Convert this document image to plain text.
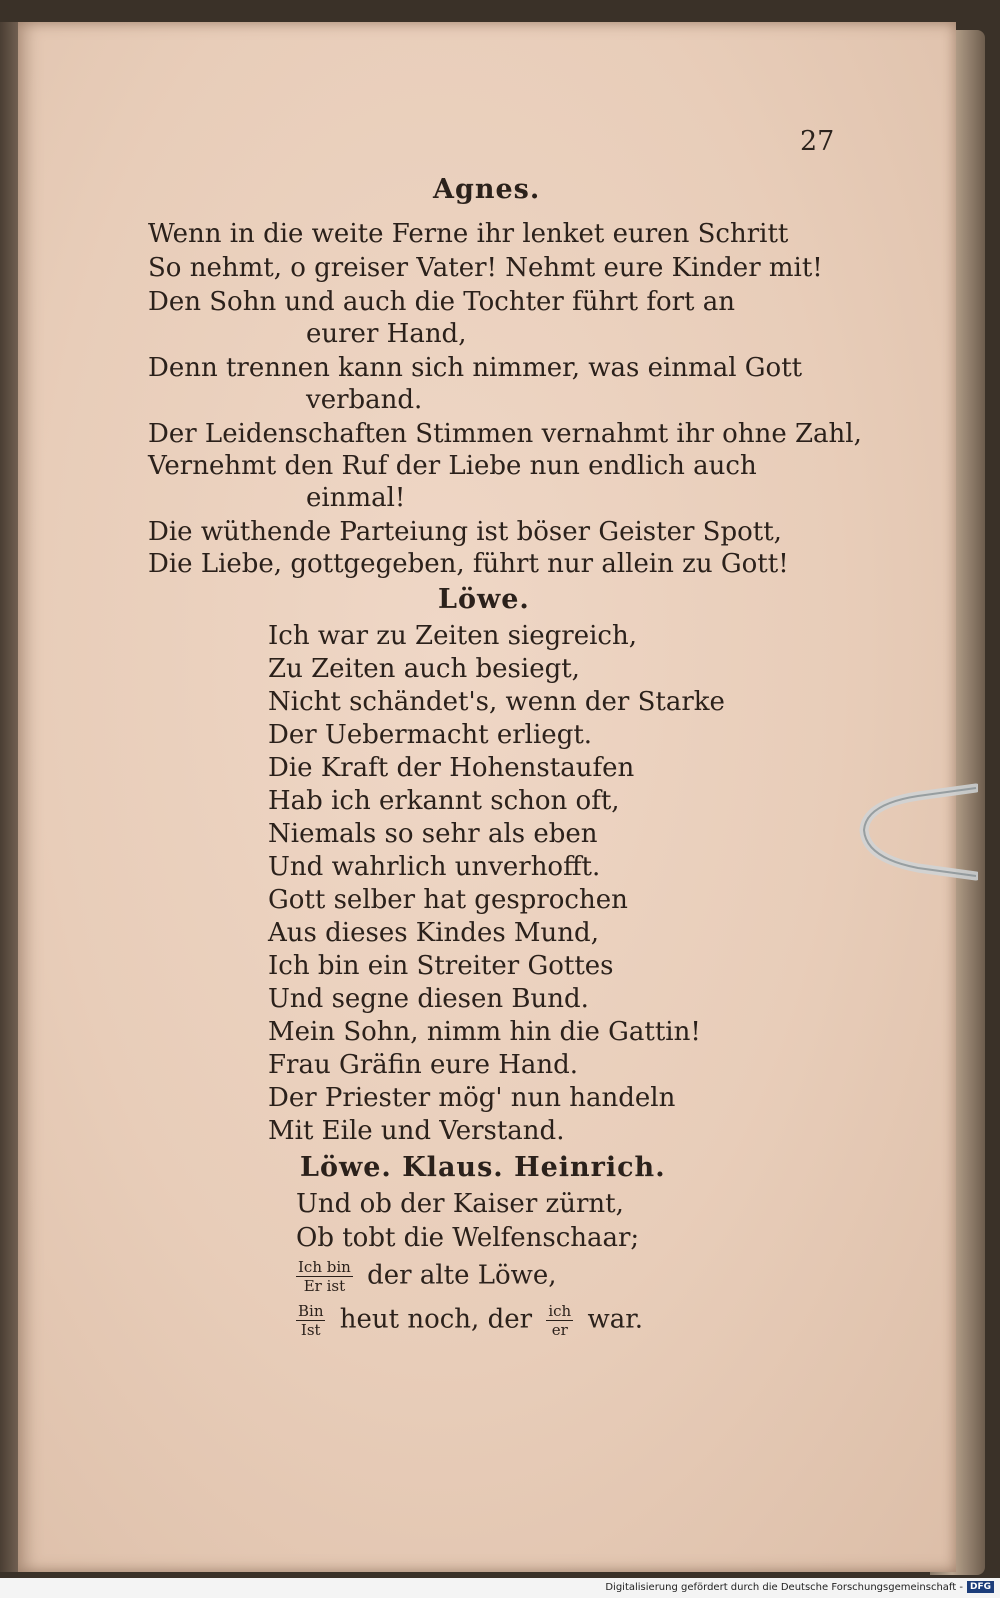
27
Agnes.
Wenn in die weite Ferne ihr lenket euren Schritt
So nehmt, o greiser Vater! Nehmt eure Kinder mit!
Den Sohn und auch die Tochter führt fort an
eurer Hand,
Denn trennen kann sich nimmer, was einmal Gott
verband.
Der Leidenschaften Stimmen vernahmt ihr ohne Zahl,
Vernehmt den Ruf der Liebe nun endlich auch
einmal!
Die wüthende Parteiung ist böser Geister Spott,
Die Liebe, gottgegeben, führt nur allein zu Gott!
Löwe.
Ich war zu Zeiten siegreich,
Zu Zeiten auch besiegt,
Nicht schändet's, wenn der Starke
Der Uebermacht erliegt.
Die Kraft der Hohenstaufen
Hab ich erkannt schon oft,
Niemals so sehr als eben
Und wahrlich unverhofft.
Gott selber hat gesprochen
Aus dieses Kindes Mund,
Ich bin ein Streiter Gottes
Und segne diesen Bund.
Mein Sohn, nimm hin die Gattin!
Frau Gräfin eure Hand.
Der Priester mög' nun handeln
Mit Eile und Verstand.
Löwe. Klaus. Heinrich.
Und ob der Kaiser zürnt,
Ob tobt die Welfenschaar;
$\frac{\text{Ich bin}}{\text{Er ist}}$ der alte Löwe,
$\frac{\text{Bin}}{\text{Ist}}$ heut noch, der $\frac{\text{ich}}{er}$ war.
Digitalisierung gefördert durch die Deutsche Forschungsgemeinschaft - DFG
